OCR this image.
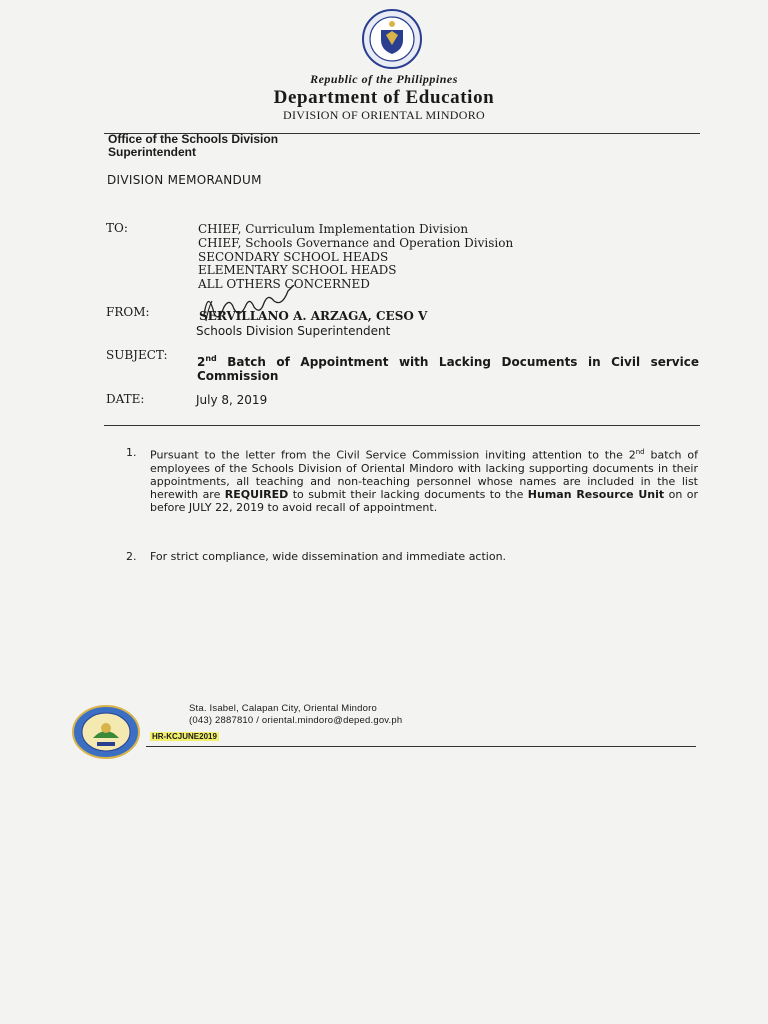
Republic of the Philippines
Department of Education
DIVISION OF ORIENTAL MINDORO
Office of the Schools Division Superintendent
DIVISION MEMORANDUM
TO:	CHIEF, Curriculum Implementation Division
CHIEF, Schools Governance and Operation Division
SECONDARY SCHOOL HEADS
ELEMENTARY SCHOOL HEADS
ALL OTHERS CONCERNED
FROM:	SERVILLANO A. ARZAGA, CESO V
Schools Division Superintendent
SUBJECT: 2nd Batch of Appointment with Lacking Documents in Civil service Commission
DATE:	July 8, 2019
1. Pursuant to the letter from the Civil Service Commission inviting attention to the 2nd batch of employees of the Schools Division of Oriental Mindoro with lacking supporting documents in their appointments, all teaching and non-teaching personnel whose names are included in the list herewith are REQUIRED to submit their lacking documents to the Human Resource Unit on or before JULY 22, 2019 to avoid recall of appointment.
2. For strict compliance, wide dissemination and immediate action.
Sta. Isabel, Calapan City, Oriental Mindoro
(043) 2887810 / oriental.mindoro@deped.gov.ph
HR-KCJUNE2019
